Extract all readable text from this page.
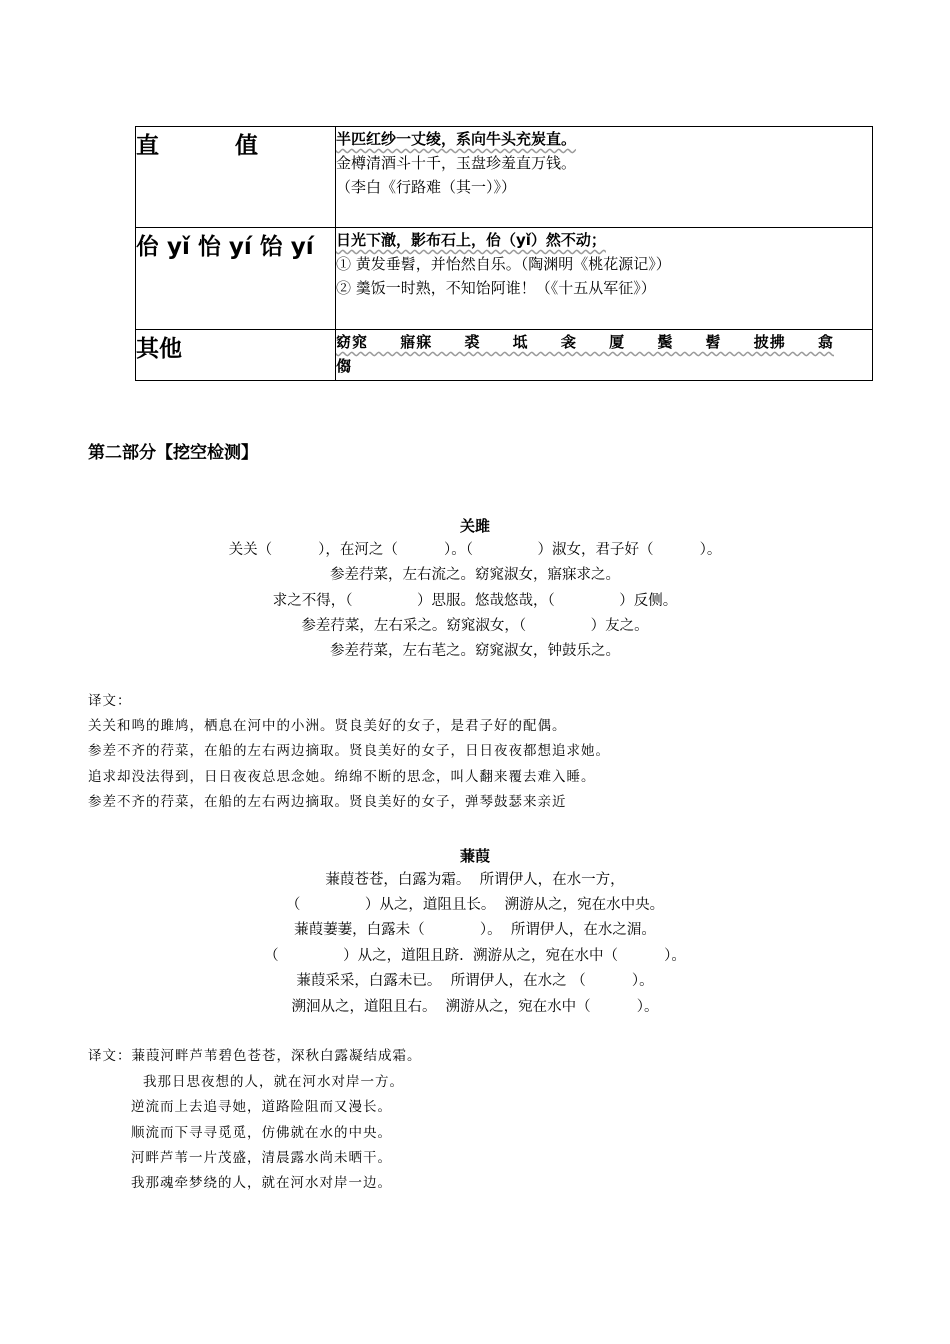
直 值	半匹红纱一丈绫，系向牛头充炭直。
金樽清酒斗十千，玉盘珍羞直万钱。
（李白《行路难（其一）》）

佁 yǐ 怡 yí 饴 yí	日光下澈，影布石上，佁（yǐ）然不动；
① 黄发垂髫，并怡然自乐。（陶渊明《桃花源记》）
② 羹饭一时熟，不知饴阿谁！（《十五从军征》）

其他	窈窕 寤寐 裘 坻 衾 厦 鬓 髫 披拂 翕
㑳
第二部分【挖空检测】
关雎
关关（          ），在河之（          ）。（              ）淑女，君子好（          ）。
参差荇菜，左右流之。窈窕淑女，寤寐求之。
求之不得，（              ）思服。悠哉悠哉，（              ）反侧。
参差荇菜，左右采之。窈窕淑女，（              ）友之。
参差荇菜，左右芼之。窈窕淑女，钟鼓乐之。
译文：
关关和鸣的雎鸠，栖息在河中的小洲。贤良美好的女子，是君子好的配偶。
参差不齐的荇菜，在船的左右两边摘取。贤良美好的女子，日日夜夜都想追求她。
追求却没法得到，日日夜夜总思念她。绵绵不断的思念，叫人翻来覆去难入睡。
参差不齐的荇菜，在船的左右两边摘取。贤良美好的女子，弹琴鼓瑟来亲近
蒹葭
蒹葭苍苍，白露为霜。  所谓伊人，在水一方，
（              ）从之，道阻且长。  溯游从之，宛在水中央。
蒹葭萋萋，白露未（            ）。  所谓伊人，在水之湄。
（              ）从之，道阻且跻.  溯游从之，宛在水中（          ）。
蒹葭采采，白露未已。  所谓伊人，在水之 （          ）。
溯洄从之，道阻且右。  溯游从之，宛在水中（          ）。
译文：蒹葭河畔芦苇碧色苍苍，深秋白露凝结成霜。
我那日思夜想的人，就在河水对岸一方。
逆流而上去追寻她，道路险阻而又漫长。
顺流而下寻寻觅觅，仿佛就在水的中央。
河畔芦苇一片茂盛，清晨露水尚未晒干。
我那魂牵梦绕的人，就在河水对岸一边。
